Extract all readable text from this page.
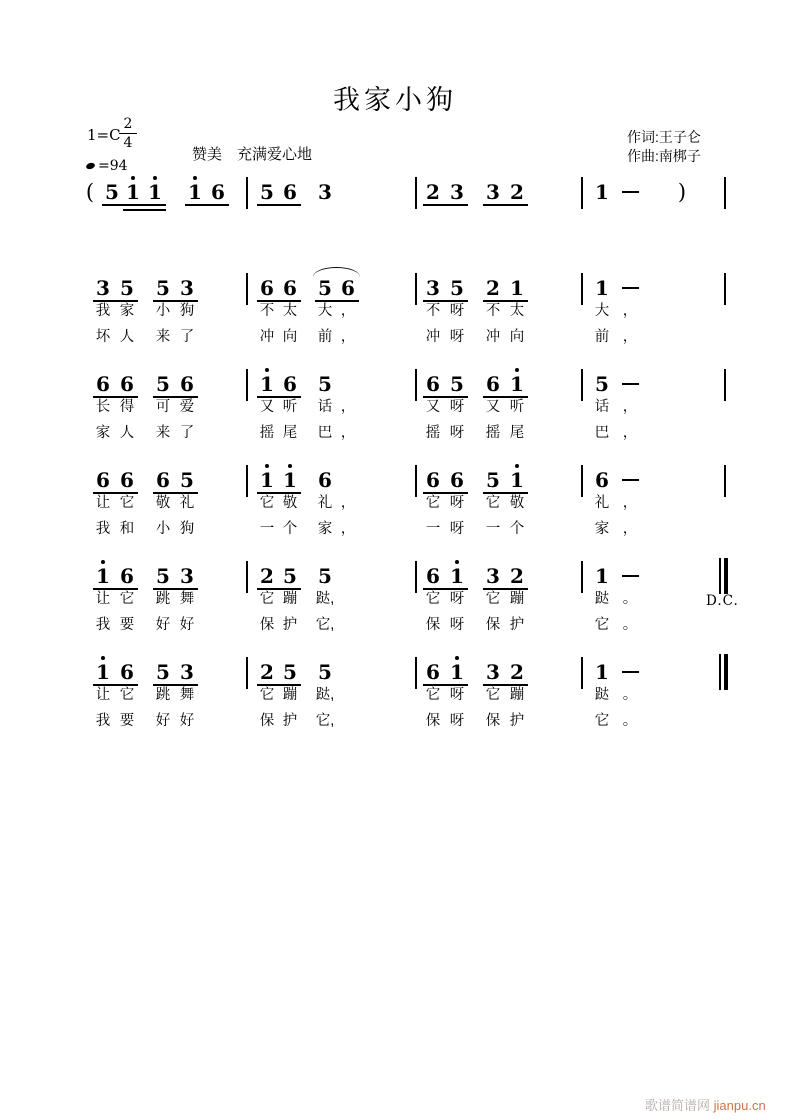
我家小狗
1=C
$\frac{2}{4}$
=94
赞美　充满爱心地
作词:王子仑
作曲:南梆子
( 5 1 1	1 6	5 6	3	2 3	3 2	1	)
3 5	5 3	6 6	5 6	3 5	2 1	1
我 家	小 狗	不 太	大 ，	不 呀	不 太	大 ，
坏 人	来 了	冲 向	前 ，	冲 呀	冲 向	前 ，
6 6	5 6	1 6	5	6 5	6 1	5
长 得	可 爱	又 听	话 ，	又 呀	又 听	话 ，
家 人	来 了	摇 尾	巴 ，	摇 呀	摇 尾	巴 ，
6 6	6 5	1 1	6	6 6	5 1	6
让 它	敬 礼	它 敬	礼 ，	它 呀	它 敬	礼 ，
我 和	小 狗	一 个	家 ，	一 呀	一 个	家 ，
1 6	5 3	2 5	5	6 1	3 2	1
让 它	跳 舞	它 蹦	跶,	它 呀	它 蹦	跶 。
我 要	好 好	保 护	它,	保 呀	保 护	它 。
D.C.
1 6	5 3	2 5	5	6 1	3 2	1
让 它	跳 舞	它 蹦	跶,	它 呀	它 蹦	跶 。
我 要	好 好	保 护	它,	保 呀	保 护	它 。
歌谱简谱网 jianpu.cn
